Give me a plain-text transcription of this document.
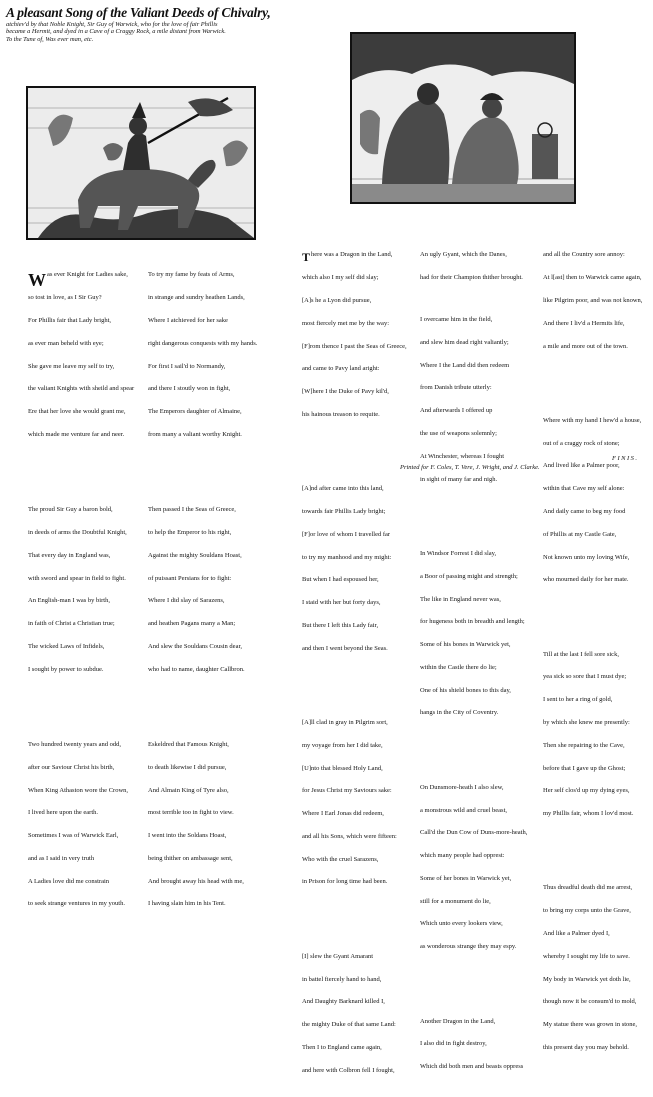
A pleasant Song of the Valiant Deeds of Chivalry,
atchiev'd by that Noble Knight, Sir Guy of Warwick, who for the love of fair Phillis
became a Hermit, and dyed in a Cave of a Craggy Rock, a mile distant from Warwick.
To the Tune of, Was ever man, etc.

Was ever Knight for Ladies sake,

so tost in love, as I Sir Guy?

For Phillis fair that Lady bright,

as ever man beheld with eye;

She gave me leave my self to try,

the valiant Knights with sheild and spear

Ere that her love she would grant me,

which made me venture far and neer.

The proud Sir Guy a baron bold,

in deeds of arms the Doubtful Knight,

That every day in England was,

with sword and spear in field to fight.

An English-man I was by birth,

in faith of Christ a Christian true;

The wicked Laws of Infidels,

I sought by power to subdue.

Two hundred twenty years and odd,

after our Saviour Christ his birth,

When King Athaston wore the Crown,

I lived here upon the earth.

Sometimes I was of Warwick Earl,

and as I said in very truth

A Ladies love did me constrain

to seek strange ventures in my youth.

To try my fame by feats of Arms,

in strange and sundry heathen Lands,

Where I atchieved for her sake

right dangerous conquests with my hands.

For first I sail'd to Normandy,

and there I stoutly won in fight,

The Emperors daughter of Almaine,

from many a valiant worthy Knight.

Then passed I the Seas of Greece,

to help the Emperor to his right,

Against the mighty Souldans Hoast,

of puissant Persians for to fight:

Where I did slay of Sarazens,

and heathen Pagans many a Man;

And slew the Souldans Cousin dear,

who had to name, daughter Callbron.

Eskeldred that Famous Knight,

to death likewise I did pursue,

And Almain King of Tyre also,

most terrible too in fight to view.

I went into the Soldans Hoast,

being thither on ambassage sent,

And brought away his head with me,

I having slain him in his Tent.

There was a Dragon in the Land,

which also I my self did slay;

[A]s he a Lyon did pursue,

most fiercely met me by the way:

[F]rom thence I past the Seas of Greece,

and came to Pavy land aright:

[W]here I the Duke of Pavy kil'd,

his hainous treason to requite.

[A]nd after came into this land,

towards fair Phillis Lady bright;

[F]or love of whom I travelled far

to try my manhood and my might:

But when I had espoused her,

I staid with her but forty days,

But there I left this Lady fair,

and then I went beyond the Seas.

[A]ll clad in gray in Pilgrim sort,

my voyage from her I did take,

[U]nto that blessed Holy Land,

for Jesus Christ my Saviours sake:

Where I Earl Jonas did redeem,

and all his Sons, which were fifteen:

Who with the cruel Sarazens,

in Prison for long time had been.

[I] slew the Gyant Amarant

in battel fiercely hand to hand,

And Daughty Barknard killed I,

the mighty Duke of that same Land:

Then I to England came again,

and here with Colbron fell I fought,

An ugly Gyant, which the Danes,

had for their Champion thither brought.

I overcame him in the field,

and slew him dead right valiantly;

Where I the Land did then redeem

from Danish tribute utterly:

And afterwards I offered up

the use of weapons solemnly;

At Winchester, whereas I fought

in sight of many far and nigh.

In Windsor Forrest I did slay,

a Boor of passing might and strength;

The like in England never was,

for hugeness both in breadth and length;

Some of his bones in Warwick yet,

within the Castle there do lie;

One of his shield bones to this day,

hangs in the City of Coventry.

On Dunsmore-heath I also slew,

a monstrous wild and cruel beast,

Call'd the Dun Cow of Duns-more-heath,

which many people had opprest:

Some of her bones in Warwick yet,

still for a monument do lie,

Which unto every lookers view,

as wonderous strange they may espy.

Another Dragon in the Land,

I also did in fight destroy,

Which did both men and beasts oppress

and all the Country sore annoy:

At l[ast] then to Warwick came again,

like Pilgrim poor, and was not known,

And there I liv'd a Hermits life,

a mile and more out of the town.

Where with my hand I hew'd a house,

out of a craggy rock of stone;

And lived like a Palmer poor,

within that Cave my self alone:

And daily came to beg my food

of Phillis at my Castle Gate,

Not known unto my loving Wife,

who mourned daily for her mate.

Till at the last I fell sore sick,

yea sick so sore that I must dye;

I sent to her a ring of gold,

by which she knew me presently:

Then she repairing to the Cave,

before that I gave up the Ghost;

Her self clos'd up my dying eyes,

my Phillis fair, whom I lov'd most.

Thus dreadful death did me arrest,

to bring my corps unto the Grave,

And like a Palmer dyed I,

whereby I sought my life to save.

My body in Warwick yet doth lie,

though now it be consum'd to mold,

My statue there was grown in stone,

this present day you may behold.

Printed for F. Coles, T. Vere, J. Wright, and J. Clarke.
FINIS.
